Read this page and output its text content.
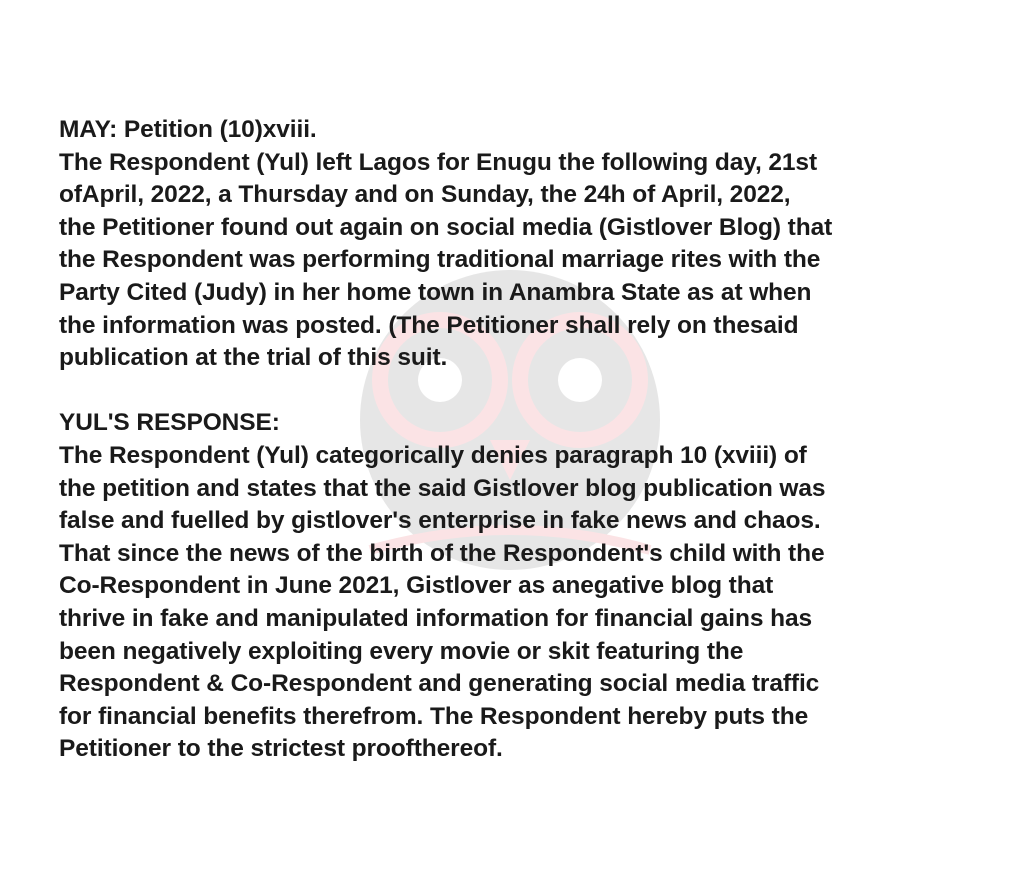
MAY: Petition (10)xviii.
The Respondent (Yul) left Lagos for Enugu the following day, 21st
ofApril, 2022, a Thursday and on Sunday, the 24h of April, 2022,
the Petitioner found out again on social media (Gistlover Blog) that
the Respondent was performing traditional marriage rites with the
Party Cited (Judy) in her home town in Anambra State as at when
the information was posted. (The Petitioner shall rely on thesaid
publication at the trial of this suit.

YUL'S RESPONSE:
The Respondent (Yul) categorically denies paragraph 10 (xviii) of
the petition and states that the said Gistlover blog publication was
false and fuelled by gistlover's enterprise in fake news and chaos.
That since the news of the birth of the Respondent's child with the
Co-Respondent in June 2021, Gistlover as anegative blog that
thrive in fake and manipulated information for financial gains has
been negatively exploiting every movie or skit featuring the
Respondent & Co-Respondent and generating social media traffic
for financial benefits therefrom. The Respondent hereby puts the
Petitioner to the strictest proofthereof.
